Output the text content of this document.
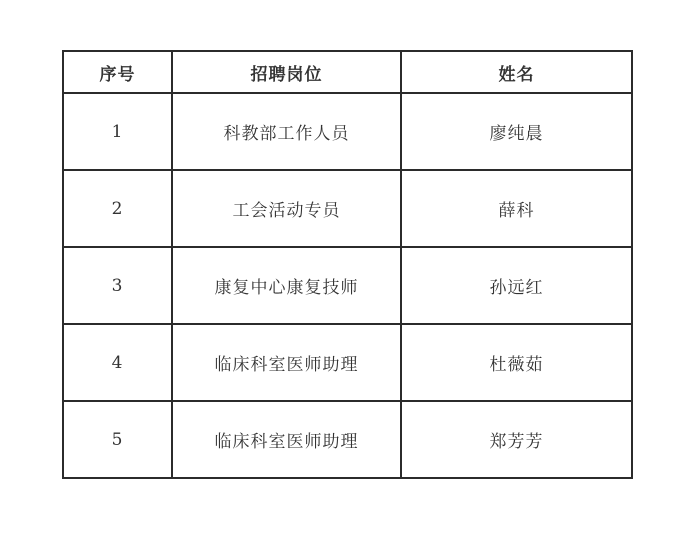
序号	招聘岗位	姓名
1	科教部工作人员	廖纯晨
2	工会活动专员	薛科
3	康复中心康复技师	孙远红
4	临床科室医师助理	杜薇茹
5	临床科室医师助理	郑芳芳
